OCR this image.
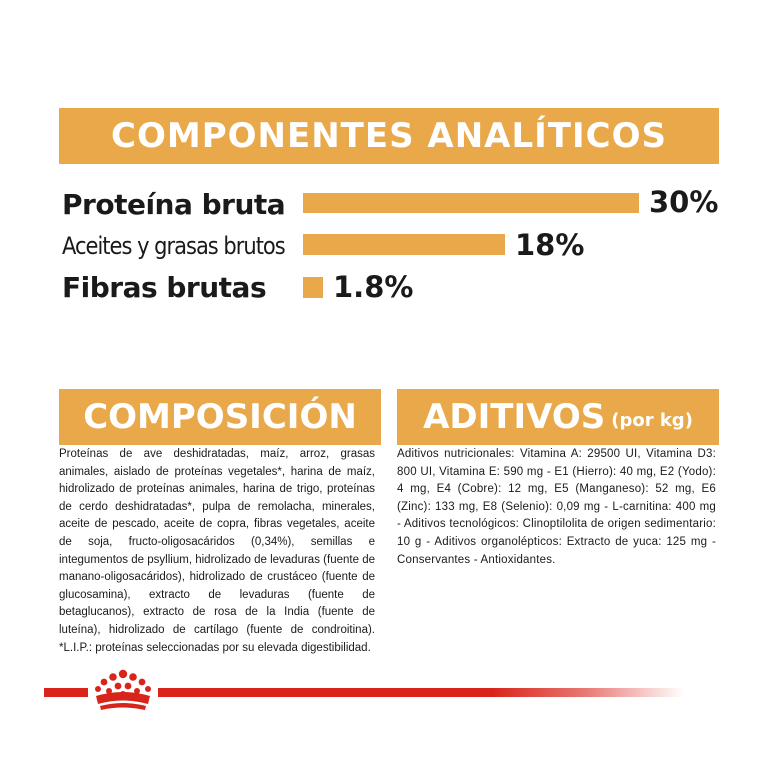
COMPONENTES ANALÍTICOS
Proteína bruta
Aceites y grasas brutos
Fibras brutas
30%
18%
1.8%
COMPOSICIÓN ADITIVOS (por kg)

Proteínas de ave deshidratadas, maíz, arroz, grasas animales, aislado de proteínas vegetales*, harina de maíz, hidrolizado de proteínas animales, harina de trigo, proteínas de cerdo deshidratadas*, pulpa de remolacha, minerales, aceite de pescado, aceite de copra, fibras vegetales, aceite de soja, fructo-oligosacáridos (0,34%), semillas e integumentos de psyllium, hidrolizado de levaduras (fuente de manano-oligosacáridos), hidrolizado de crustáceo (fuente de glucosamina), extracto de levaduras (fuente de betaglucanos), extracto de rosa de la India (fuente de luteína), hidrolizado de cartílago (fuente de condroitina). *L.I.P.: proteínas seleccionadas por su elevada digestibilidad.

Aditivos nutricionales: Vitamina A: 29500 UI, Vitamina D3: 800 UI, Vitamina E: 590 mg - E1 (Hierro): 40 mg, E2 (Yodo): 4 mg, E4 (Cobre): 12 mg, E5 (Manganeso): 52 mg, E6 (Zinc): 133 mg, E8 (Selenio): 0,09 mg - L-carnitina: 400 mg - Aditivos tecnológicos: Clinoptilolita de origen sedimentario: 10 g - Aditivos organolépticos: Extracto de yuca: 125 mg - Conservantes - Antioxidantes.
